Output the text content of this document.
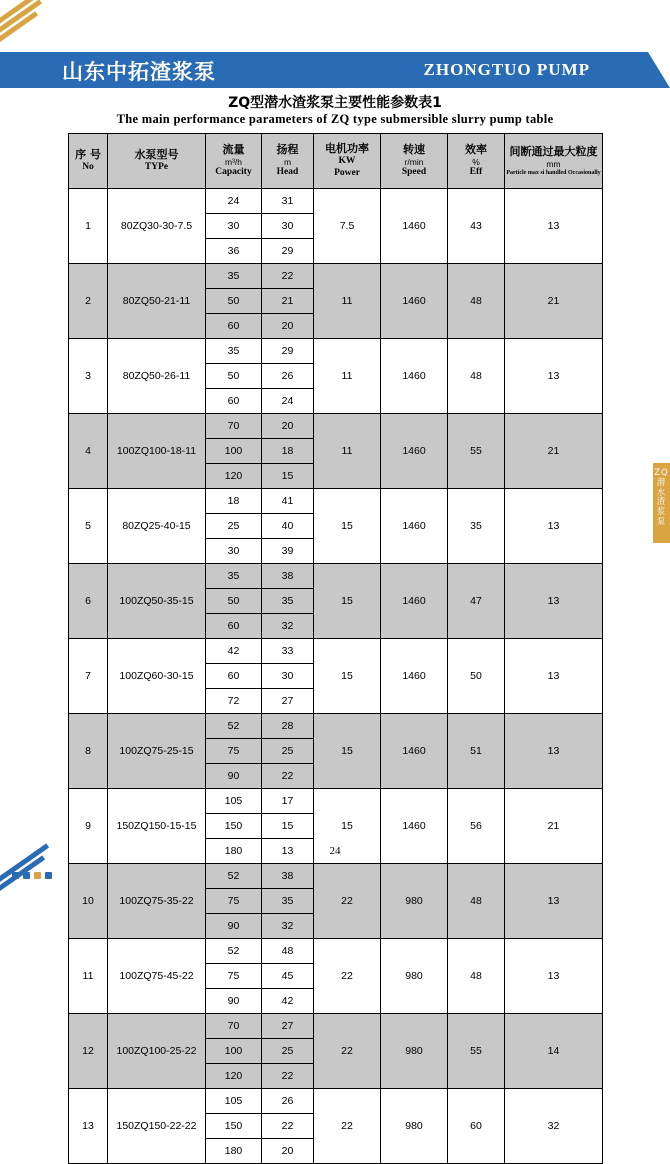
山东中拓渣浆泵	ZHONGTUO PUMP
ZQ型潜水渣浆泵主要性能参数表1
The main performance parameters of ZQ type submersible slurry pump table
序 号
No	水泵型号
TYPe	流量
m³/h
Capacity	扬程
m
Head	电机功率
KW
Power	转速
r/min
Speed	效率
%
Eff	间断通过最大粒度
mm
Particle max si handled Occasionally

1	80ZQ30-30-7.5	24	31	7.5	1460	43	13
		30	30				
		36	29				
2	80ZQ50-21-11	35	22	11	1460	48	21
		50	21				
		60	20				
3	80ZQ50-26-11	35	29	11	1460	48	13
		50	26				
		60	24				
4	100ZQ100-18-11	70	20	11	1460	55	21
		100	18				
		120	15				
5	80ZQ25-40-15	18	41	15	1460	35	13
		25	40				
		30	39				
6	100ZQ50-35-15	35	38	15	1460	47	13
		50	35				
		60	32				
7	100ZQ60-30-15	42	33	15	1460	50	13
		60	30				
		72	27				
8	100ZQ75-25-15	52	28	15	1460	51	13
		75	25				
		90	22				
9	150ZQ150-15-15	105	17	15	1460	56	21
		150	15				
		180	13				
10	100ZQ75-35-22	52	38	22	980	48	13
		75	35				
		90	32				
11	100ZQ75-45-22	52	48	22	980	48	13
		75	45				
		90	42				
12	100ZQ100-25-22	70	27	22	980	55	14
		100	25				
		120	22				
13	150ZQ150-22-22	105	26	22	980	60	32
		150	22				
		180	20				
ZQ潜水渣浆泵
24
